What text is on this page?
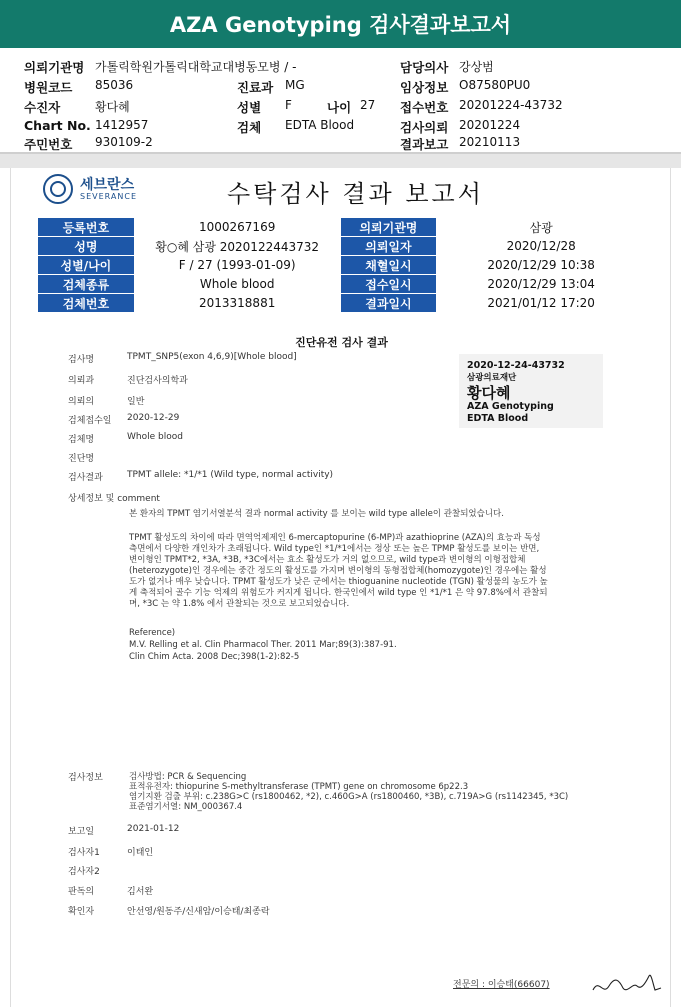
AZA Genotyping 검사결과보고서
의뢰기관명 가톨릭학원가톨릭대학교대병동모병 / -	담당의사 강상범
병원코드 85036	진료과 MG	임상정보 O87580PU0
수진자	황다혜	성별 F	나이 27 접수번호 20201224-43732
Chart No. 1412957	검체 EDTA Blood	검사의뢰 20201224
주민번호 930109-2	결과보고 20210113
세브란스
SEVERANCE	수탁검사 결과 보고서
등록번호	1000267169	의뢰기관명	삼광
성명	황○혜 삼광 2020122443732	의뢰일자	2020/12/28
성별/나이	F / 27 (1993-01-09)	채혈일시	2020/12/29 10:38
검체종류	Whole blood	접수일시	2020/12/29 13:04
검체번호	2013318881	결과일시	2021/01/12 17:20
진단유전 검사 결과
검사명	TPMT_SNP5(exon 4,6,9)[Whole blood]
의뢰과	진단검사의학과
의뢰의	일반
검체접수일 2020-12-29
검체명	Whole blood
진단명
검사결과	TPMT allele: *1/*1 (Wild type, normal activity)
2020-12-24-43732
삼광의료재단
황다혜
AZA Genotyping
EDTA Blood
상세정보 및 comment
본 환자의 TPMT 염기서열분석 결과 normal activity 를 보이는 wild type allele이 관찰되었습니다.
TPMT 활성도의 차이에 따라 면역억제제인 6-mercaptopurine (6-MP)과 azathioprine (AZA)의 효능과 독성 측면에서 다양한 개인차가 초래됩니다. Wild type인 *1/*1에서는 정상 또는 높은 TPMP 활성도를 보이는 반면, 변이형인 TPMT*2, *3A, *3B, *3C에서는 효소 활성도가 거의 없으므로, wild type과 변이형의 이형접합체 (heterozygote)인 경우에는 중간 정도의 활성도를 가지며 변이형의 동형접합체(homozygote)인 경우에는 활성도가 없거나 매우 낮습니다. TPMT 활성도가 낮은 군에서는 thioguanine nucleotide (TGN) 활성물의 농도가 높게 축적되어 골수 기능 억제의 위험도가 커지게 됩니다. 한국인에서 wild type 인 *1/*1 은 약 97.8%에서 관찰되며, *3C 는 약 1.8% 에서 관찰되는 것으로 보고되었습니다.
Reference)
M.V. Relling et al. Clin Pharmacol Ther. 2011 Mar;89(3):387-91.
Clin Chim Acta. 2008 Dec;398(1-2):82-5
검사정보	검사방법: PCR & Sequencing
표적유전자: thiopurine S-methyltransferase (TPMT) gene on chromosome 6p22.3
염기지환 검출 부위: c.238G>C (rs1800462, *2), c.460G>A (rs1800460, *3B), c.719A>G (rs1142345, *3C)
표준염기서열: NM_000367.4
보고일	2021-01-12
검사자1	이태인
검사자2
판독의	김서완
확인자	안선영/원동주/신새암/이승태/최종락
전문의 : 이승태(66607)
